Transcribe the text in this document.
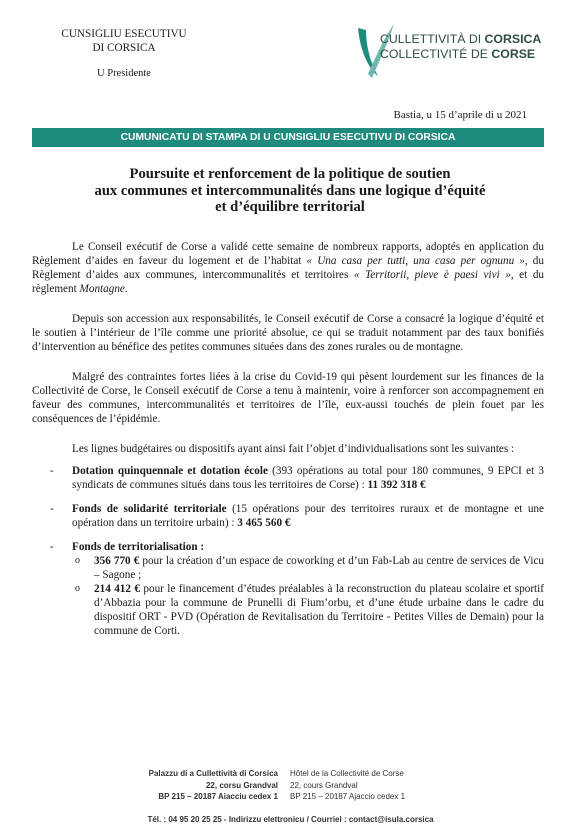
CUNSIGLIU ESECUTIVU
DI CORSICA
U Presidente
CULLETTIVITÀ DI CORSICA
COLLECTIVITÉ DE CORSE
Bastia, u 15 d’aprile di u 2021
CUMUNICATU DI STAMPA DI U CUNSIGLIU ESECUTIVU DI CORSICA
Poursuite et renforcement de la politique de soutien
aux communes et intercommunalités dans une logique d’équité
et d’équilibre territorial

Le Conseil exécutif de Corse a validé cette semaine de nombreux rapports, adoptés en application du Règlement d’aides en faveur du logement et de l’habitat « Una casa per tutti, una casa per ognunu », du Règlement d’aides aux communes, intercommunalités et territoires « Territorii, pieve è paesi vivi », et du règlement Montagne.

Depuis son accession aux responsabilités, le Conseil exécutif de Corse a consacré la logique d’équité et le soutien à l’intérieur de l’île comme une priorité absolue, ce qui se traduit notamment par des taux bonifiés d’intervention au bénéfice des petites communes situées dans des zones rurales ou de montagne.

Malgré des contraintes fortes liées à la crise du Covid-19 qui pèsent lourdement sur les finances de la Collectivité de Corse, le Conseil exécutif de Corse a tenu à maintenir, voire à renforcer son accompagnement en faveur des communes, intercommunalités et territoires de l’île, eux-aussi touchés de plein fouet par les conséquences de l’épidémie.

Les lignes budgétaires ou dispositifs ayant ainsi fait l’objet d’individualisations sont les suivantes :

- Dotation quinquennale et dotation école (393 opérations au total pour 180 communes, 9 EPCI et 3 syndicats de communes situés dans tous les territoires de Corse) : 11 392 318 €
- Fonds de solidarité territoriale (15 opérations pour des territoires ruraux et de montagne et une opération dans un territoire urbain) : 3 465 560 €
- Fonds de territorialisation :
o 356 770 € pour la création d’un espace de coworking et d’un Fab-Lab au centre de services de Vicu – Sagone ;
o 214 412 € pour le financement d’études préalables à la reconstruction du plateau scolaire et sportif d’Abbazia pour la commune de Prunelli di Fium’orbu, et d’une étude urbaine dans le cadre du dispositif ORT - PVD (Opération de Revitalisation du Territoire - Petites Villes de Demain) pour la commune de Corti.
Palazzu di a Cullettività di Corsica
22, corsu Grandval
BP 215 – 20187 Aiacciu cedex 1
Hôtel de la Collectivité de Corse
22, cours Grandval
BP 215 – 20187 Ajaccio cedex 1
Tél. : 04 95 20 25 25 - Indirizzu elettronicu / Courriel : contact@isula.corsica
